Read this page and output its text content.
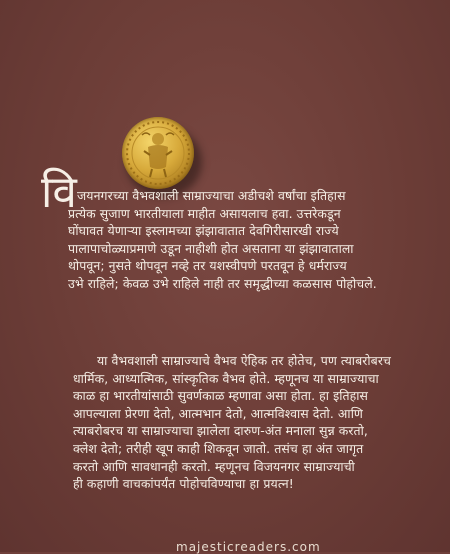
वि जयनगरच्या वैभवशाली साम्राज्याचा अडीचशे वर्षांचा इतिहास
प्रत्येक सुजाण भारतीयाला माहीत असायलाच हवा. उत्तरेकडून
घोंघावत येणाऱ्या इस्लामच्या झंझावातात देवगिरीसारखी राज्ये
पालापाचोळ्याप्रमाणे उडून नाहीशी होत असताना या झंझावाताला
थोपवून; नुसते थोपवून नव्हे तर यशस्वीपणे परतवून हे धर्मराज्य
उभे राहिले; केवळ उभे राहिले नाही तर समृद्धीच्या कळसास पोहोचले.
या वैभवशाली साम्राज्याचे वैभव ऐहिक तर होतेच, पण त्याबरोबरच
धार्मिक, आध्यात्मिक, सांस्कृतिक वैभव होते. म्हणूनच या साम्राज्याचा
काळ हा भारतीयांसाठी सुवर्णकाळ म्हणावा असा होता. हा इतिहास
आपल्याला प्रेरणा देतो, आत्मभान देतो, आत्मविश्वास देतो. आणि
त्याबरोबरच या साम्राज्याचा झालेला दारुण-अंत मनाला सुन्न करतो,
क्लेश देतो; तरीही खूप काही शिकवून जातो. तसंच हा अंत जागृत
करतो आणि सावधानही करतो. म्हणूनच विजयनगर साम्राज्याची
ही कहाणी वाचकांपर्यंत पोहोचविण्याचा हा प्रयत्न!
majesticreaders.com
